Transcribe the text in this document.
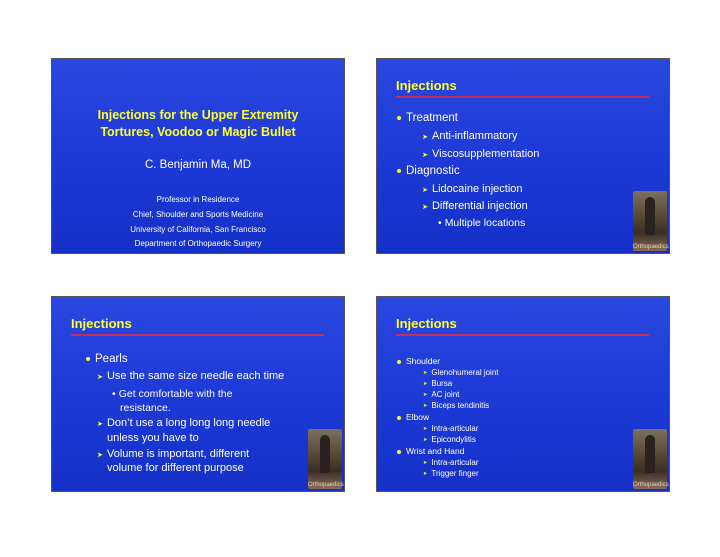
Injections for the Upper Extremity
Tortures, Voodoo or Magic Bullet
C. Benjamin Ma, MD
Professor in Residence
Chief, Shoulder and Sports Medicine
University of California, San Francisco
Department of Orthopaedic Surgery
Injections
Treatment
➤ Anti-inflammatory
➤ Viscosupplementation
Diagnostic
➤ Lidocaine injection
➤ Differential injection
• Multiple locations
Orthopaedics
Injections
Pearls
➤ Use the same size needle each time
• Get comfortable with the
resistance.
➤ Don’t use a long long long needle
unless you have to
➤ Volume is important, different
volume for different purpose
Orthopaedics
Injections
Shoulder
➤ Glenohumeral joint
➤ Bursa
➤ AC joint
➤ Biceps tendinitis
Elbow
➤ Intra-articular
➤ Epicondylitis
Wrist and Hand
➤ Intra-articular
➤ Trigger finger
Orthopaedics
